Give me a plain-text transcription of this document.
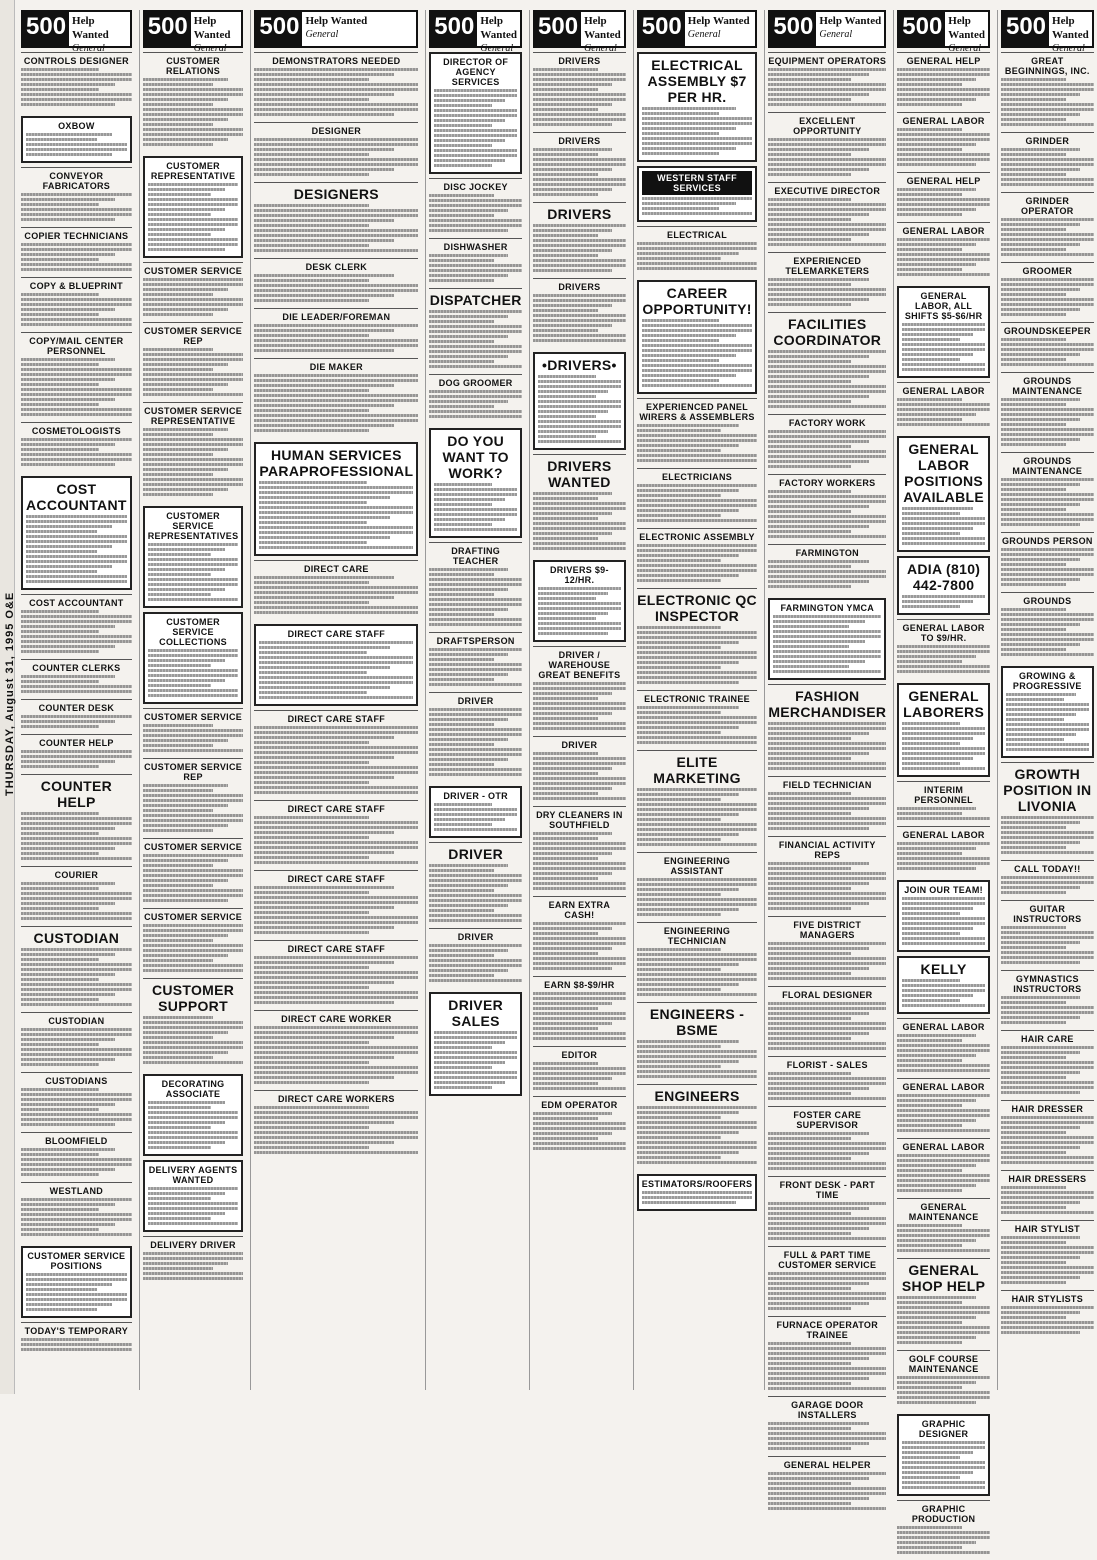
THURSDAY, August 31, 1995 O&E
500 Help Wanted
General
CONTROLS DESIGNER
OXBOW
CONVEYOR FABRICATORS
COPIER TECHNICIANS
COPY & BLUEPRINT
COPY/MAIL CENTER PERSONNEL
COSMETOLOGISTS
COST ACCOUNTANT
COST ACCOUNTANT
COUNTER CLERKS
COUNTER DESK
COUNTER HELP
COUNTER HELP
COURIER
CUSTODIAN
CUSTODIAN
CUSTODIANS
BLOOMFIELD
WESTLAND
CUSTOMER SERVICE POSITIONS
TODAY'S TEMPORARY
500 Help Wanted
General
CUSTOMER RELATIONS
CUSTOMER REPRESENTATIVE
CUSTOMER SERVICE
CUSTOMER SERVICE REP
CUSTOMER SERVICE REPRESENTATIVE
CUSTOMER SERVICE REPRESENTATIVES
CUSTOMER SERVICE COLLECTIONS
CUSTOMER SERVICE
CUSTOMER SERVICE REP
CUSTOMER SERVICE
CUSTOMER SERVICE
CUSTOMER SUPPORT
DECORATING ASSOCIATE
DELIVERY AGENTS WANTED
DELIVERY DRIVER
500 Help Wanted
General
DEMONSTRATORS NEEDED
DESIGNER
DESIGNERS
DESK CLERK
DIE LEADER/FOREMAN
DIE MAKER
HUMAN SERVICES PARAPROFESSIONAL
DIRECT CARE
DIRECT CARE STAFF
DIRECT CARE STAFF
DIRECT CARE STAFF
DIRECT CARE STAFF
DIRECT CARE STAFF
DIRECT CARE WORKER
DIRECT CARE WORKERS
500 Help Wanted
General
DIRECTOR OF AGENCY SERVICES
DISC JOCKEY
DISHWASHER
DISPATCHER
DOG GROOMER
DO YOU WANT TO WORK?
DRAFTING TEACHER
DRAFTSPERSON
DRIVER
DRIVER - OTR
DRIVER
DRIVER
DRIVER SALES
500 Help Wanted
General
DRIVERS
DRIVERS
DRIVERS
DRIVERS
•DRIVERS•
DRIVERS WANTED
DRIVERS $9-12/HR.
DRIVER / WAREHOUSE GREAT BENEFITS
DRIVER
DRY CLEANERS IN SOUTHFIELD
EARN EXTRA CASH!
EARN $8-$9/HR
EDITOR
EDM OPERATOR
500 Help Wanted
General
ELECTRICAL ASSEMBLY $7 PER HR.
WESTERN STAFF SERVICES
ELECTRICAL
CAREER OPPORTUNITY!
EXPERIENCED PANEL WIRERS & ASSEMBLERS
ELECTRICIANS
ELECTRONIC ASSEMBLY
ELECTRONIC QC INSPECTOR
ELECTRONIC TRAINEE
ELITE MARKETING
ENGINEERING ASSISTANT
ENGINEERING TECHNICIAN
ENGINEERS - BSME
ENGINEERS
ESTIMATORS/ROOFERS
500 Help Wanted
General
EQUIPMENT OPERATORS
EXCELLENT OPPORTUNITY
EXECUTIVE DIRECTOR
EXPERIENCED TELEMARKETERS
FACILITIES COORDINATOR
FACTORY WORK
FACTORY WORKERS
FARMINGTON
FARMINGTON YMCA
FASHION MERCHANDISER
FIELD TECHNICIAN
FINANCIAL ACTIVITY REPS
FIVE DISTRICT MANAGERS
FLORAL DESIGNER
FLORIST - SALES
FOSTER CARE SUPERVISOR
FRONT DESK - PART TIME
FULL & PART TIME CUSTOMER SERVICE
FURNACE OPERATOR TRAINEE
GARAGE DOOR INSTALLERS
GENERAL HELPER
500 Help Wanted
General
GENERAL HELP
GENERAL LABOR
GENERAL HELP
GENERAL LABOR
GENERAL LABOR, ALL SHIFTS $5-$6/HR
GENERAL LABOR
GENERAL LABOR POSITIONS AVAILABLE
ADIA (810) 442-7800
GENERAL LABOR TO $9/HR.
GENERAL LABORERS
INTERIM PERSONNEL
GENERAL LABOR
JOIN OUR TEAM!
KELLY
GENERAL LABOR
GENERAL LABOR
GENERAL LABOR
GENERAL MAINTENANCE
GENERAL SHOP HELP
GOLF COURSE MAINTENANCE
GRAPHIC DESIGNER
GRAPHIC PRODUCTION
500 Help Wanted
General
GREAT BEGINNINGS, INC.
GRINDER
GRINDER OPERATOR
GROOMER
GROUNDSKEEPER
GROUNDS MAINTENANCE
GROUNDS MAINTENANCE
GROUNDS PERSON
GROUNDS
GROWING & PROGRESSIVE
GROWTH POSITION IN LIVONIA
CALL TODAY!!
GUITAR INSTRUCTORS
GYMNASTICS INSTRUCTORS
HAIR CARE
HAIR DRESSER
HAIR DRESSERS
HAIR STYLIST
HAIR STYLISTS
